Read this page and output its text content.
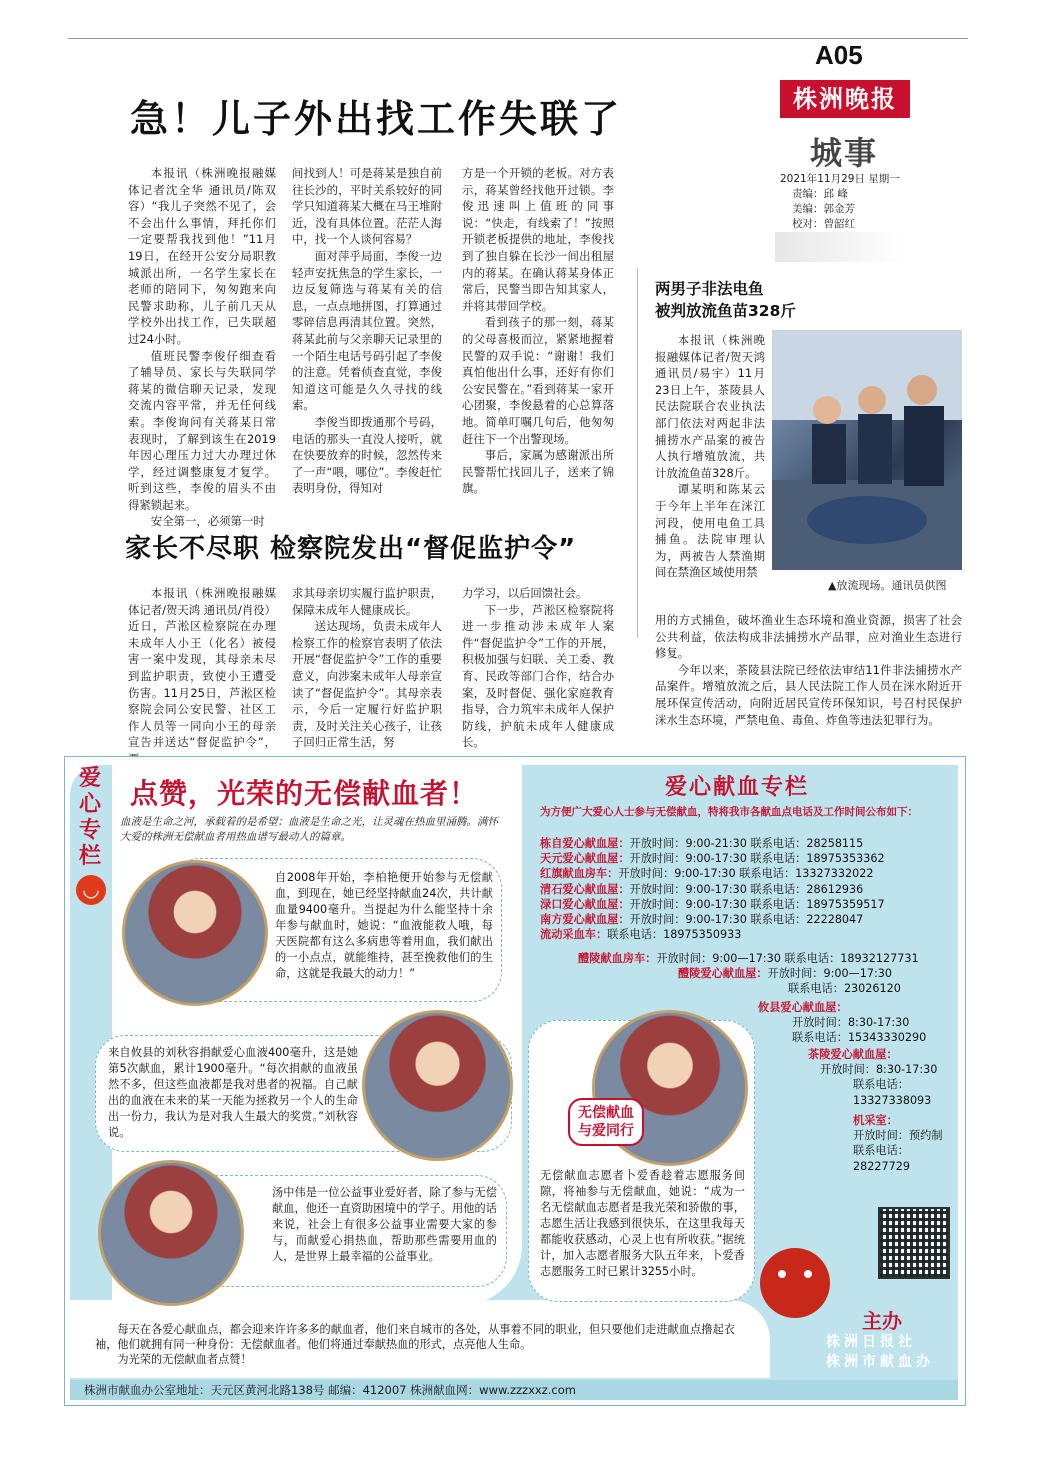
A05
株洲晚报
城事
2021年11月29日 星期一
责编：邱 峰
美编：郭金芳
校对：曾韶红
急！儿子外出找工作失联了

本报讯（株洲晚报融媒体记者沈全华 通讯员/陈双容）“我儿子突然不见了，会不会出什么事情，拜托你们一定要帮我找到他！”11月19日，在经开公安分局职教城派出所，一名学生家长在老师的陪同下，匆匆跑来向民警求助称，儿子前几天从学校外出找工作，已失联超过24小时。

值班民警李俊仔细查看了辅导员、家长与失联同学蒋某的微信聊天记录，发现交流内容平常，并无任何线索。李俊询问有关蒋某日常表现时，了解到该生在2019年因心理压力过大办理过休学，经过调整康复才复学。听到这些，李俊的眉头不由得紧锁起来。

安全第一，必须第一时

间找到人！可是蒋某是独自前往长沙的，平时关系较好的同学只知道蒋某大概在马王堆附近，没有具体位置。茫茫人海中，找一个人谈何容易？

面对萍乎局面，李俊一边轻声安抚焦急的学生家长，一边反复筛选与蒋某有关的信息，一点点地拼图，打算通过零碎信息再清其位置。突然，蒋某此前与父亲聊天记录里的一个陌生电话号码引起了李俊的注意。凭着侦查直觉，李俊知道这可能是久久寻找的线索。

李俊当即拨通那个号码，电话的那头一直没人接听，就在快要放弃的时候，忽然传来了一声“喂，哪位”。李俊赶忙表明身份，得知对

方是一个开锁的老板。对方表示，蒋某曾经找他开过锁。李俊迅速叫上值班的同事说：“快走，有线索了！”按照开锁老板提供的地址，李俊找到了独自躲在长沙一间出租屋内的蒋某。在确认蒋某身体正常后，民警当即告知其家人，并将其带回学校。

看到孩子的那一刻，蒋某的父母喜极而泣，紧紧地握着民警的双手说：“谢谢！我们真怕他出什么事，还好有你们公安民警在。”看到蒋某一家开心团聚，李俊悬着的心总算落地。简单叮嘱几句后，他匆匆赶往下一个出警现场。

事后，家属为感谢派出所民警帮忙找回儿子，送来了锦旗。

两男子非法电鱼
被判放流鱼苗328斤

本报讯（株洲晚报融媒体记者/贺天鸿 通讯员/易宇）11月23日上午，茶陵县人民法院联合农业执法部门依法对两起非法捕捞水产品案的被告人执行增殖放流，共计放流鱼苗328斤。

谭某明和陈某云于今年上半年在洣江河段，使用电鱼工具捕鱼。法院审理认为，两被告人禁渔期间在禁渔区域使用禁

▲放流现场。通讯员供图

用的方式捕鱼，破坏渔业生态环境和渔业资源，损害了社会公共利益，依法构成非法捕捞水产品罪，应对渔业生态进行修复。

今年以来，茶陵县法院已经依法审结11件非法捕捞水产品案件。增殖放流之后，县人民法院工作人员在洣水附近开展环保宣传活动，向附近居民宣传环保知识，号召村民保护洣水生态环境，严禁电鱼、毒鱼、炸鱼等违法犯罪行为。

家长不尽职 检察院发出“督促监护令”

本报讯（株洲晚报融媒体记者/贺天鸿 通讯员/肖役）近日，芦淞区检察院在办理未成年人小王（化名）被侵害一案中发现，其母亲未尽到监护职责，致使小王遭受伤害。11月25日，芦淞区检察院会同公安民警、社区工作人员等一同向小王的母亲宣告并送达“督促监护令”，

求其母亲切实履行监护职责，保障未成年人健康成长。

送达现场，负责未成年人检察工作的检察官表明了依法开展“督促监护令”工作的重要意义，向涉案未成年人母亲宣读了“督促监护令”。其母亲表示，今后一定履行好监护职责，及时关注关心孩子，让孩子回归正常生活，努

力学习，以后回馈社会。

下一步，芦淞区检察院将进一步推动涉未成年人案件“督促监护令”工作的开展，积极加强与妇联、关工委、教育、民政等部门合作，结合办案，及时督促、强化家庭教育指导，合力筑牢未成年人保护防线，护航未成年人健康成长。

爱
心
专
栏
◡
点赞，光荣的无偿献血者！
血液是生命之河，承载着的是希望；血液是生命之光，让灵魂在热血里涌腾。满怀大爱的株洲无偿献血者用热血谱写最动人的篇章。
自2008年开始，李柏艳便开始参与无偿献血，到现在，她已经坚持献血24次，共计献血量9400毫升。当提起为什么能坚持十余年参与献血时，她说：“血液能救人哦，每天医院都有这么多病患等着用血，我们献出的一小点点，就能维持，甚至挽救他们的生命，这就是我最大的动力！”
来自攸县的刘秋容捐献爱心血液400毫升，这是她第5次献血，累计1900毫升。“每次捐献的血液虽然不多，但这些血液都是我对患者的祝福。自己献出的血液在未来的某一天能为拯救另一个人的生命出一份力，我认为是对我人生最大的奖赏。”刘秋容说。
汤中伟是一位公益事业爱好者，除了参与无偿献血，他还一直资助困境中的学子。用他的话来说，社会上有很多公益事业需要大家的参与，而献爱心捐热血，帮助那些需要用血的人，是世界上最幸福的公益事业。
无偿献血
与爱同行
无偿献血志愿者卜爱香趁着志愿服务间隙，将袖参与无偿献血，她说：“成为一名无偿献血志愿者是我光荣和骄傲的事，志愿生活让我感到很快乐，在这里我每天都能收获感动，心灵上也有所收获。”据统计，加入志愿者服务大队五年来，卜爱香志愿服务工时已累计3255小时。
每天在各爱心献血点，都会迎来许许多多的献血者，他们来自城市的各处，从事着不同的职业，但只要他们走进献血点撸起衣袖，他们就拥有同一种身份：无偿献血者。他们将通过奉献热血的形式，点亮他人生命。
为光荣的无偿献血者点赞！
爱心献血专栏
为方便广大爱心人士参与无偿献血，特将我市各献血点电话及工作时间公布如下：
栋自爱心献血屋：开放时间：9:00-21:30 联系电话：28258115
天元爱心献血屋：开放时间：9:00-17:30 联系电话：18975353362
红旗献血房车：开放时间：9:00-17:30 联系电话：13327332022
清石爱心献血屋：开放时间：9:00-17:30 联系电话：28612936
渌口爱心献血屋：开放时间：9:00-17:30 联系电话：18975359517
南方爱心献血屋：开放时间：9:00-17:30 联系电话：22228047
流动采血车：联系电话：18975350933
醴陵献血房车：开放时间：9:00—17:30 联系电话：18932127731
醴陵爱心献血屋：开放时间：9:00—17:30
联系电话：23026120
攸县爱心献血屋：
开放时间：8:30-17:30
联系电话：15343330290
茶陵爱心献血屋：
开放时间：8:30-17:30
联系电话：
13327338093
机采室：
开放时间：预约制
联系电话：
28227729
主办
株洲日报社
株洲市献血办
株洲市献血办公室地址：天元区黄河北路138号 邮编：412007 株洲献血网：www.zzzxxz.com
